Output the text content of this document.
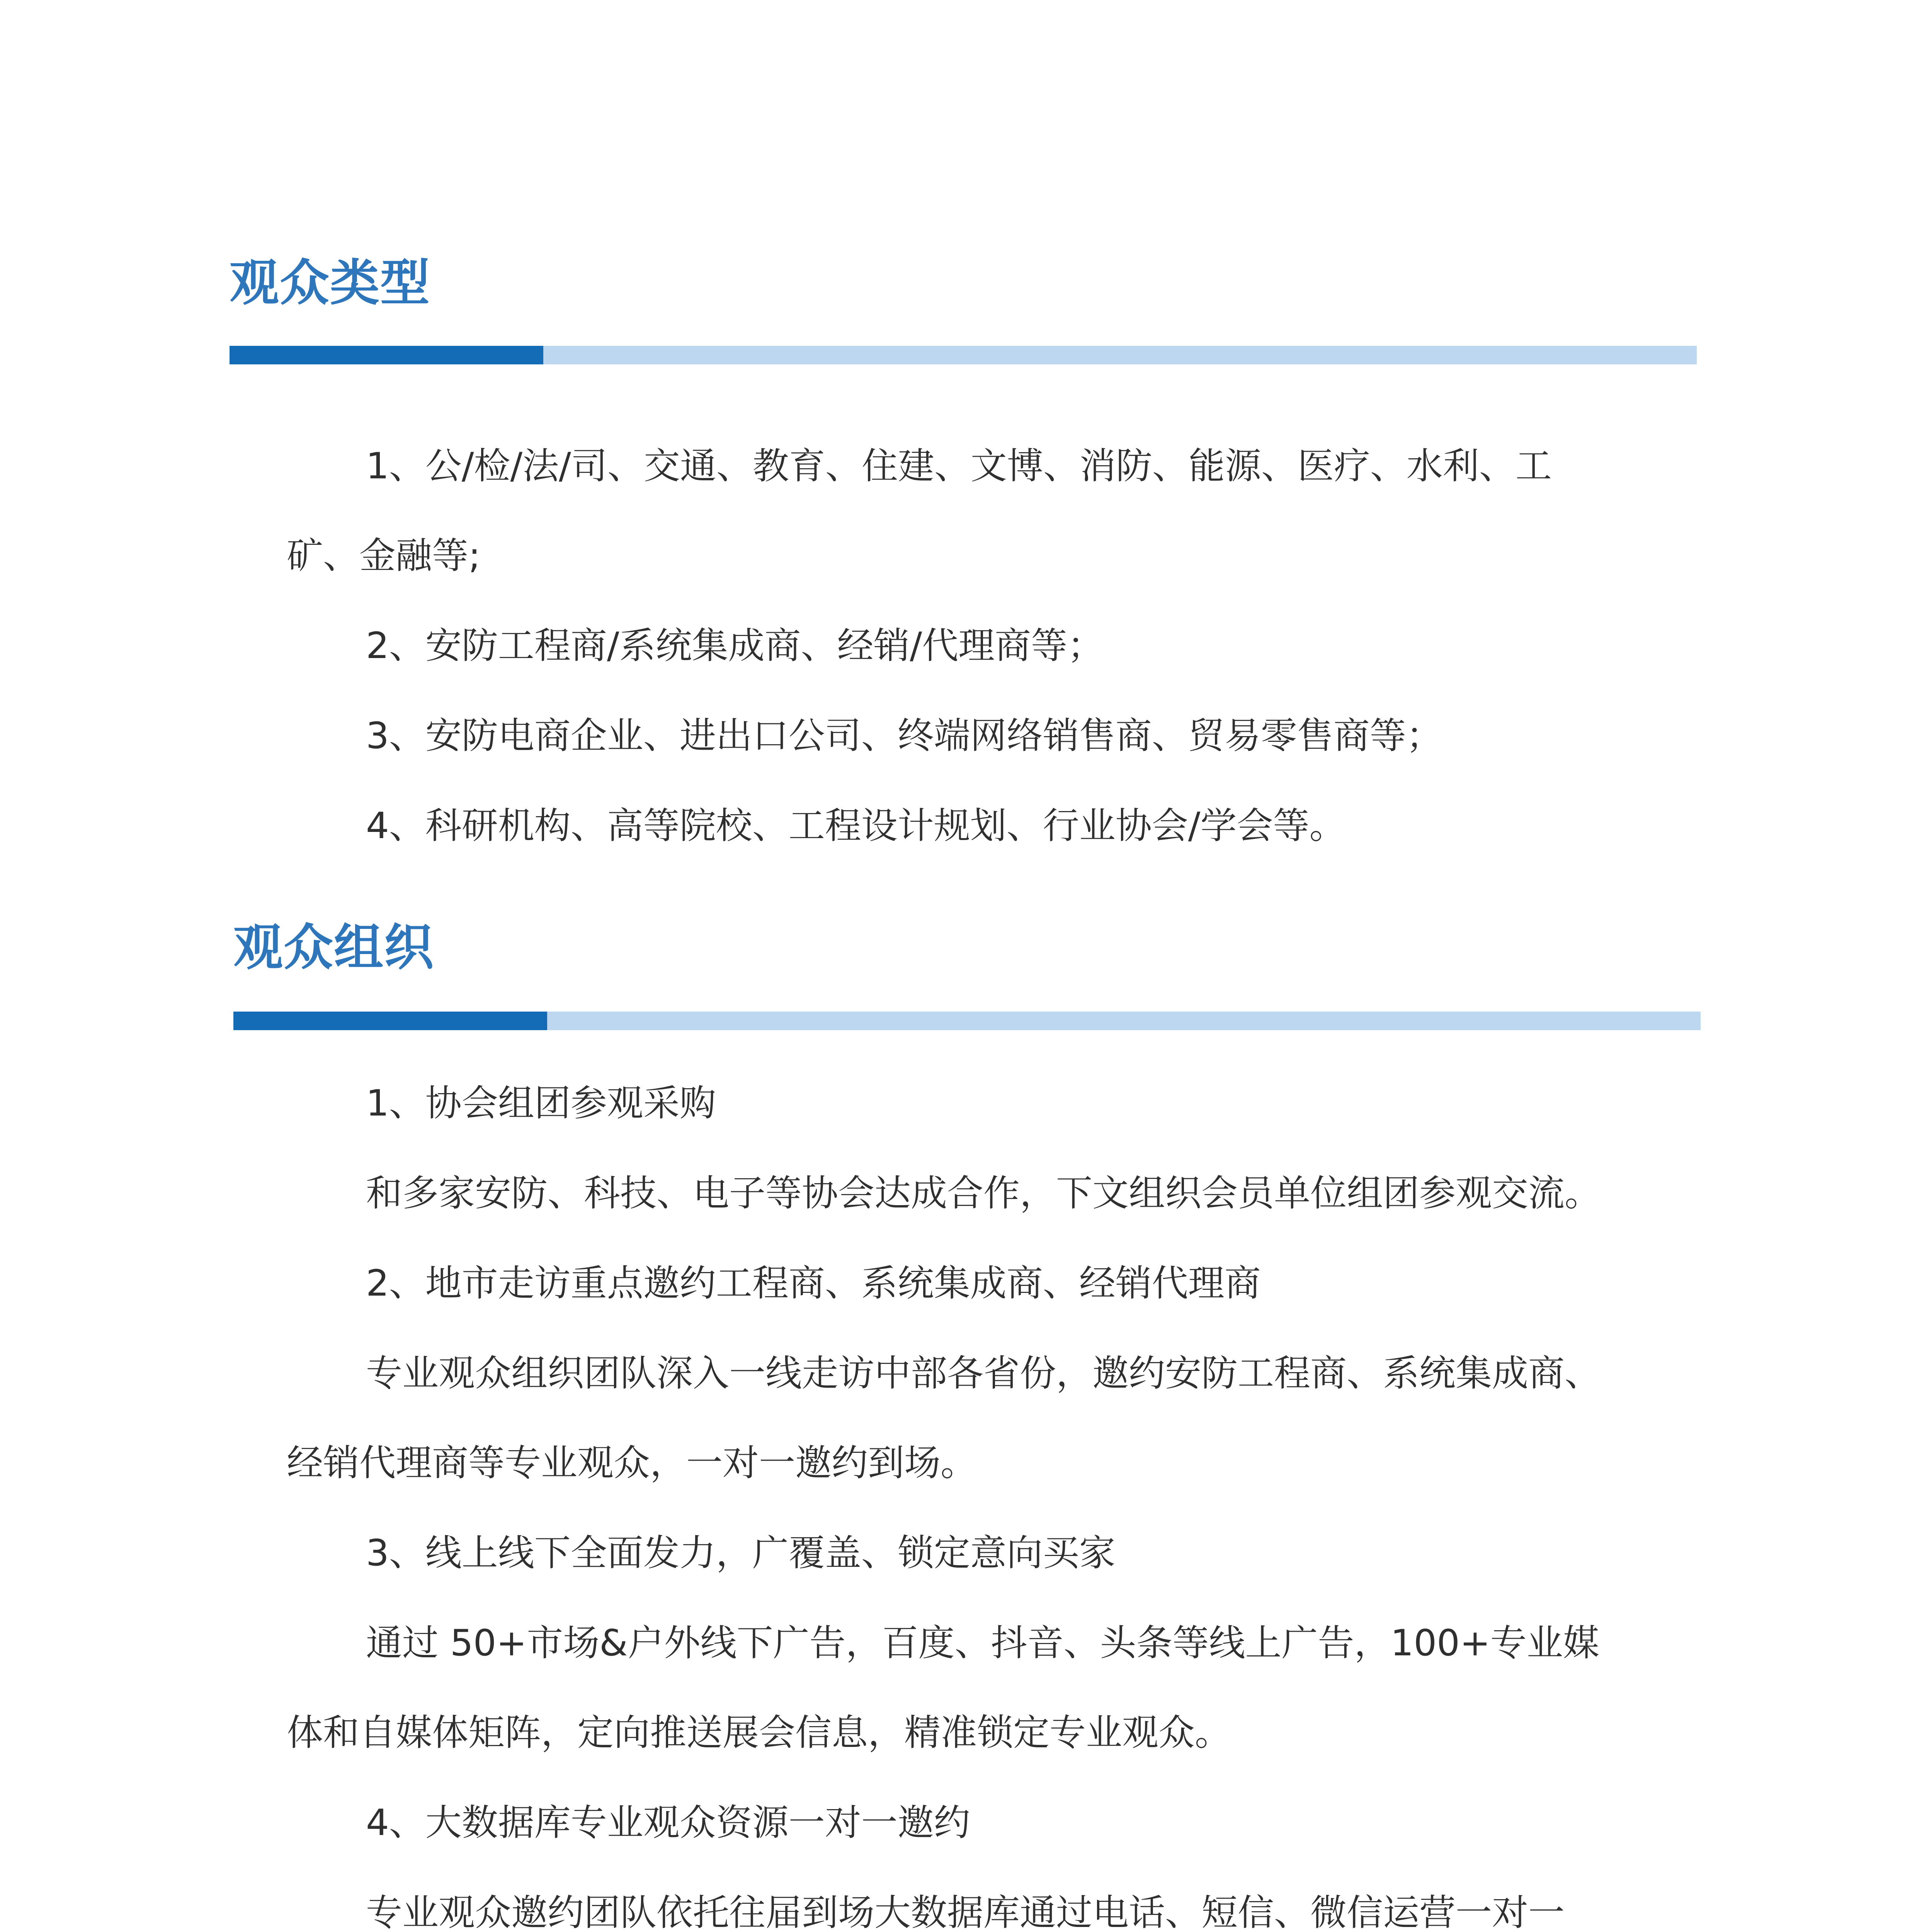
观众类型

1、公/检/法/司、交通、教育、住建、文博、消防、能源、医疗、水利、工

矿、金融等;

2、安防工程商/系统集成商、经销/代理商等；

3、安防电商企业、进出口公司、终端网络销售商、贸易零售商等；

4、科研机构、高等院校、工程设计规划、行业协会/学会等。

观众组织

1、协会组团参观采购

和多家安防、科技、电子等协会达成合作，下文组织会员单位组团参观交流。

2、地市走访重点邀约工程商、系统集成商、经销代理商

专业观众组织团队深入一线走访中部各省份，邀约安防工程商、系统集成商、

经销代理商等专业观众，一对一邀约到场。

3、线上线下全面发力，广覆盖、锁定意向买家

通过 50+市场&户外线下广告，百度、抖音、头条等线上广告，100+专业媒

体和自媒体矩阵，定向推送展会信息，精准锁定专业观众。

4、大数据库专业观众资源一对一邀约

专业观众邀约团队依托往届到场大数据库通过电话、短信、微信运营一对一
